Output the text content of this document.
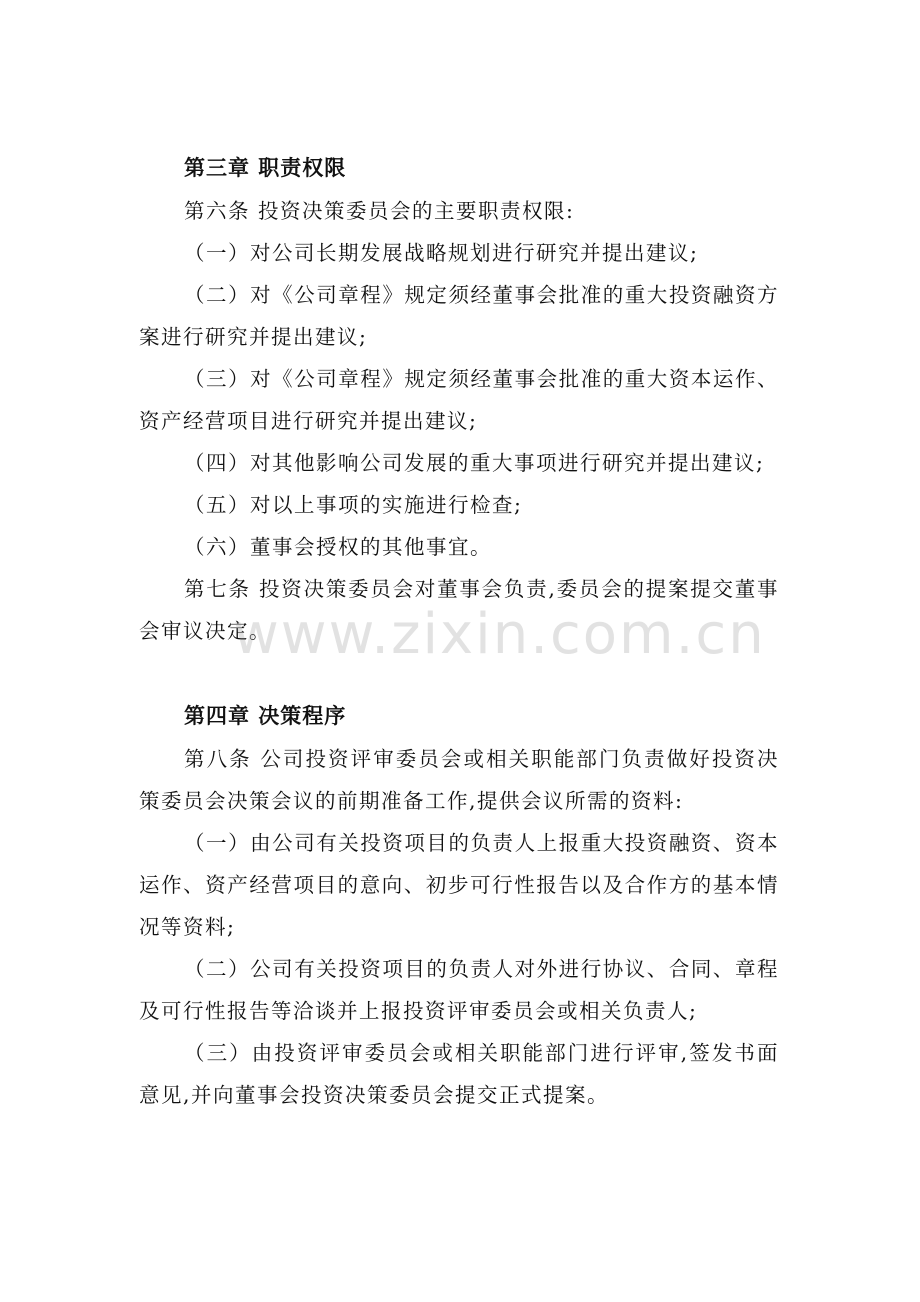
第三章 职责权限
第六条 投资决策委员会的主要职责权限:
（一）对公司长期发展战略规划进行研究并提出建议;
（二）对《公司章程》规定须经董事会批准的重大投资融资方案进行研究并提出建议;
（三）对《公司章程》规定须经董事会批准的重大资本运作、资产经营项目进行研究并提出建议;
（四）对其他影响公司发展的重大事项进行研究并提出建议;
（五）对以上事项的实施进行检查;
（六）董事会授权的其他事宜。
第七条 投资决策委员会对董事会负责,委员会的提案提交董事会审议决定。
第四章 决策程序
第八条 公司投资评审委员会或相关职能部门负责做好投资决策委员会决策会议的前期准备工作,提供会议所需的资料:
（一）由公司有关投资项目的负责人上报重大投资融资、资本运作、资产经营项目的意向、初步可行性报告以及合作方的基本情况等资料;
（二）公司有关投资项目的负责人对外进行协议、合同、章程及可行性报告等洽谈并上报投资评审委员会或相关负责人;
（三）由投资评审委员会或相关职能部门进行评审,签发书面意见,并向董事会投资决策委员会提交正式提案。
www.zixin.com.cn
